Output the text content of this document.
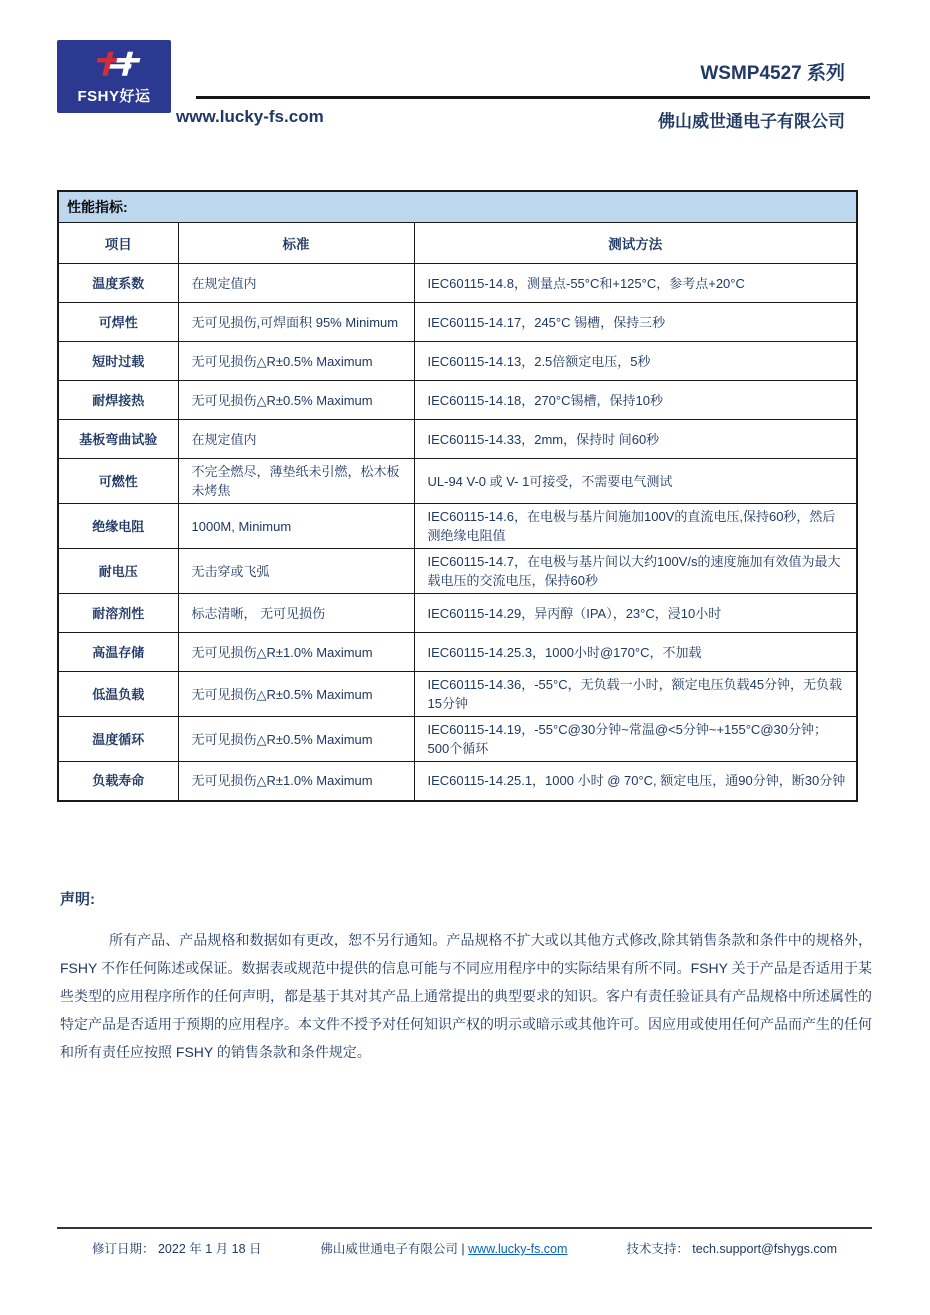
FSHY好运
WSMP4527 系列
www.lucky-fs.com	佛山威世通电子有限公司
性能指标:		
项目	标准	测试方法
温度系数	在规定值内	IEC60115-14.8，测量点-55°C和+125°C，参考点+20°C
可焊性	无可见损伤,可焊面积 95% Minimum	IEC60115-14.17，245°C 锡槽，保持三秒
短时过载	无可见损伤△R±0.5% Maximum	IEC60115-14.13，2.5倍额定电压，5秒
耐焊接热	无可见损伤△R±0.5% Maximum	IEC60115-14.18，270°C锡槽，保持10秒
基板弯曲试验	在规定值内	IEC60115-14.33，2mm，保持时 间60秒
可燃性	不完全燃尽，薄垫纸未引燃，松木板未烤焦	UL-94 V-0 或 V- 1可接受，不需要电气测试
绝缘电阻	1000M, Minimum	IEC60115-14.6，在电极与基片间施加100V的直流电压,保持60秒，然后测绝缘电阻值
耐电压	无击穿或飞弧	IEC60115-14.7，在电极与基片间以大约100V/s的速度施加有效值为最大载电压的交流电压，保持60秒
耐溶剂性	标志清晰， 无可见损伤	IEC60115-14.29，异丙醇（IPA），23°C，浸10小时
高温存储	无可见损伤△R±1.0% Maximum	IEC60115-14.25.3，1000小时@170°C，不加载
低温负载	无可见损伤△R±0.5% Maximum	IEC60115-14.36，-55°C，无负载一小时，额定电压负载45分钟，无负载15分钟
温度循环	无可见损伤△R±0.5% Maximum	IEC60115-14.19，-55°C@30分钟~常温@<5分钟~+155°C@30分钟；500个循环
负载寿命	无可见损伤△R±1.0% Maximum	IEC60115-14.25.1，1000 小时 @ 70°C, 额定电压，通90分钟，断30分钟
声明:

所有产品、产品规格和数据如有更改，恕不另行通知。产品规格不扩大或以其他方式修改,除其销售条款和条件中的规格外，FSHY 不作任何陈述或保证。数据表或规范中提供的信息可能与不同应用程序中的实际结果有所不同。FSHY 关于产品是否适用于某些类型的应用程序所作的任何声明，都是基于其对其产品上通常提出的典型要求的知识。客户有责任验证具有产品规格中所述属性的特定产品是否适用于预期的应用程序。本文件不授予对任何知识产权的明示或暗示或其他许可。因应用或使用任何产品而产生的任何和所有责任应按照 FSHY 的销售条款和条件规定。

修订日期： 2022 年 1 月 18 日	佛山威世通电子有限公司 | www.lucky-fs.com	技术支持： tech.support@fshygs.com
